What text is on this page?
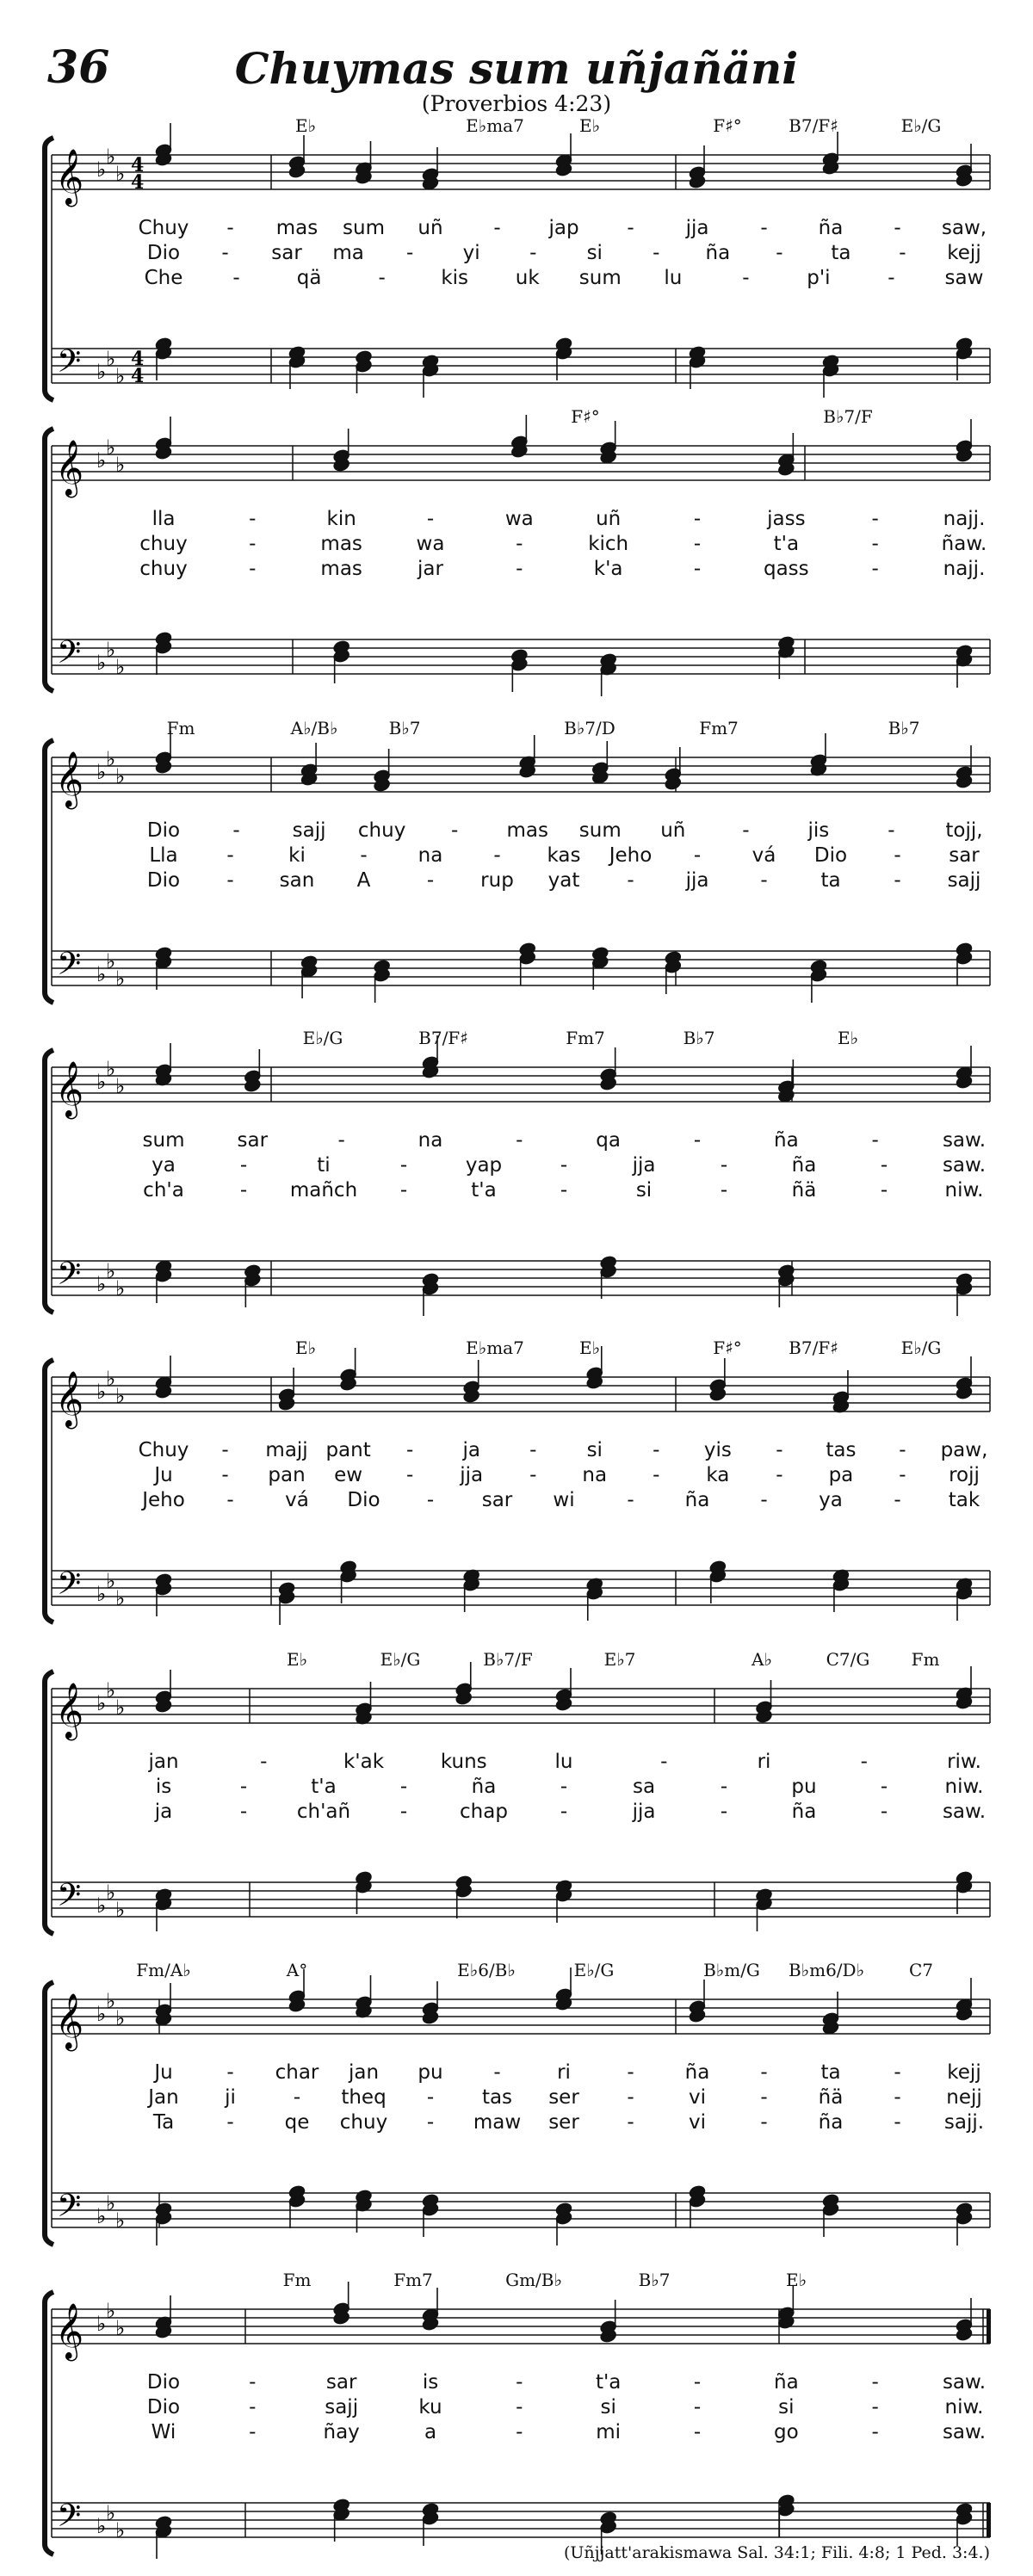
36	Chuymas sum uñjañäni
(Proverbios 4:23)
𝄞
𝄢
♭
♭
♭
♭
♭
♭
4
4
4
4
𝄞
𝄢
♭
♭
♭
♭
♭
♭
𝄞
𝄢
♭
♭
♭
♭
♭
♭
𝄞
𝄢
♭
♭
♭
♭
♭
♭
𝄞
𝄢
♭
♭
♭
♭
♭
♭
𝄞
𝄢
♭
♭
♭
♭
♭
♭
𝄞
𝄢
♭
♭
♭
♭
♭
♭
𝄞
𝄢
♭
♭
♭
♭
♭
♭
Chuy - mas sum uñ	- jap -	jja	-	ña	- saw,
Dio - sar ma - yi -	si	- ña - ta - kejj
Che	-	qä	-	kis uk sum lu	-	p'i	-	saw
E♭	E♭ma7	E♭	F♯°	B7/F♯	E♭/G
lla	-	kin	-	wa	uñ	-	jass	-	najj.
chuy	-	mas	wa	-	kich	-	t'a	-	ñaw.
chuy	-	mas	jar	-	k'a	-	qass	-	najj.
F♯°	B♭7/F
Dio	-	sajj chuy - mas sum uñ	-	jis	-	tojj,
Lla -	ki	-	na	- kas Jeho -	vá Dio - sar
Dio - san A	- rup yat -	jja	-	ta	- sajj
Fm	A♭/B♭	B♭7	B♭7/D	Fm7	B♭7
sum	sar	-	na	-	qa	-	ña	-	saw.
ya	-	ti	-	yap	-	jja	-	ña	-	saw.
ch'a	- mañch -	t'a	-	si	-	ñä	-	niw.
E♭/G	B7/F♯	Fm7	B♭7	E♭
Chuy - majj pant - ja -	si	- yis - tas - paw,
Ju - pan ew - jja - na - ka - pa - rojj
Jeho -	vá Dio - sar wi	-	ña	-	ya	- tak
E♭	E♭ma7	E♭	F♯°	B7/F♯	E♭/G
jan	-	k'ak	kuns	lu	-	ri	-	riw.
is	-	t'a	-	ña	-	sa	-	pu	-	niw.
ja	-	ch'añ	-	chap	-	jja	-	ña	-	saw.
E♭	E♭/G	B♭7/F	E♭7	A♭	C7/G Fm
Ju	- char jan pu	-	ri	-	ña	-	ta	- kejj
Jan ji	- theq - tas ser -	vi	-	ñä	- nejj
Ta	-	qe chuy - maw ser -	vi	-	ña	- sajj.
Fm/A♭	A°	E♭6/B♭	E♭/G	B♭m/G B♭m6/D♭	C7
Dio	-	sar	is	-	t'a	-	ña	-	saw.
Dio	-	sajj	ku	-	si	-	si	-	niw.
Wi	-	ñay	a	-	mi	-	go	-	saw.
Fm	Fm7	Gm/B♭	B♭7	E♭
(Uñjjatt'arakismawa Sal. 34:1; Fili. 4:8; 1 Ped. 3:4.)
